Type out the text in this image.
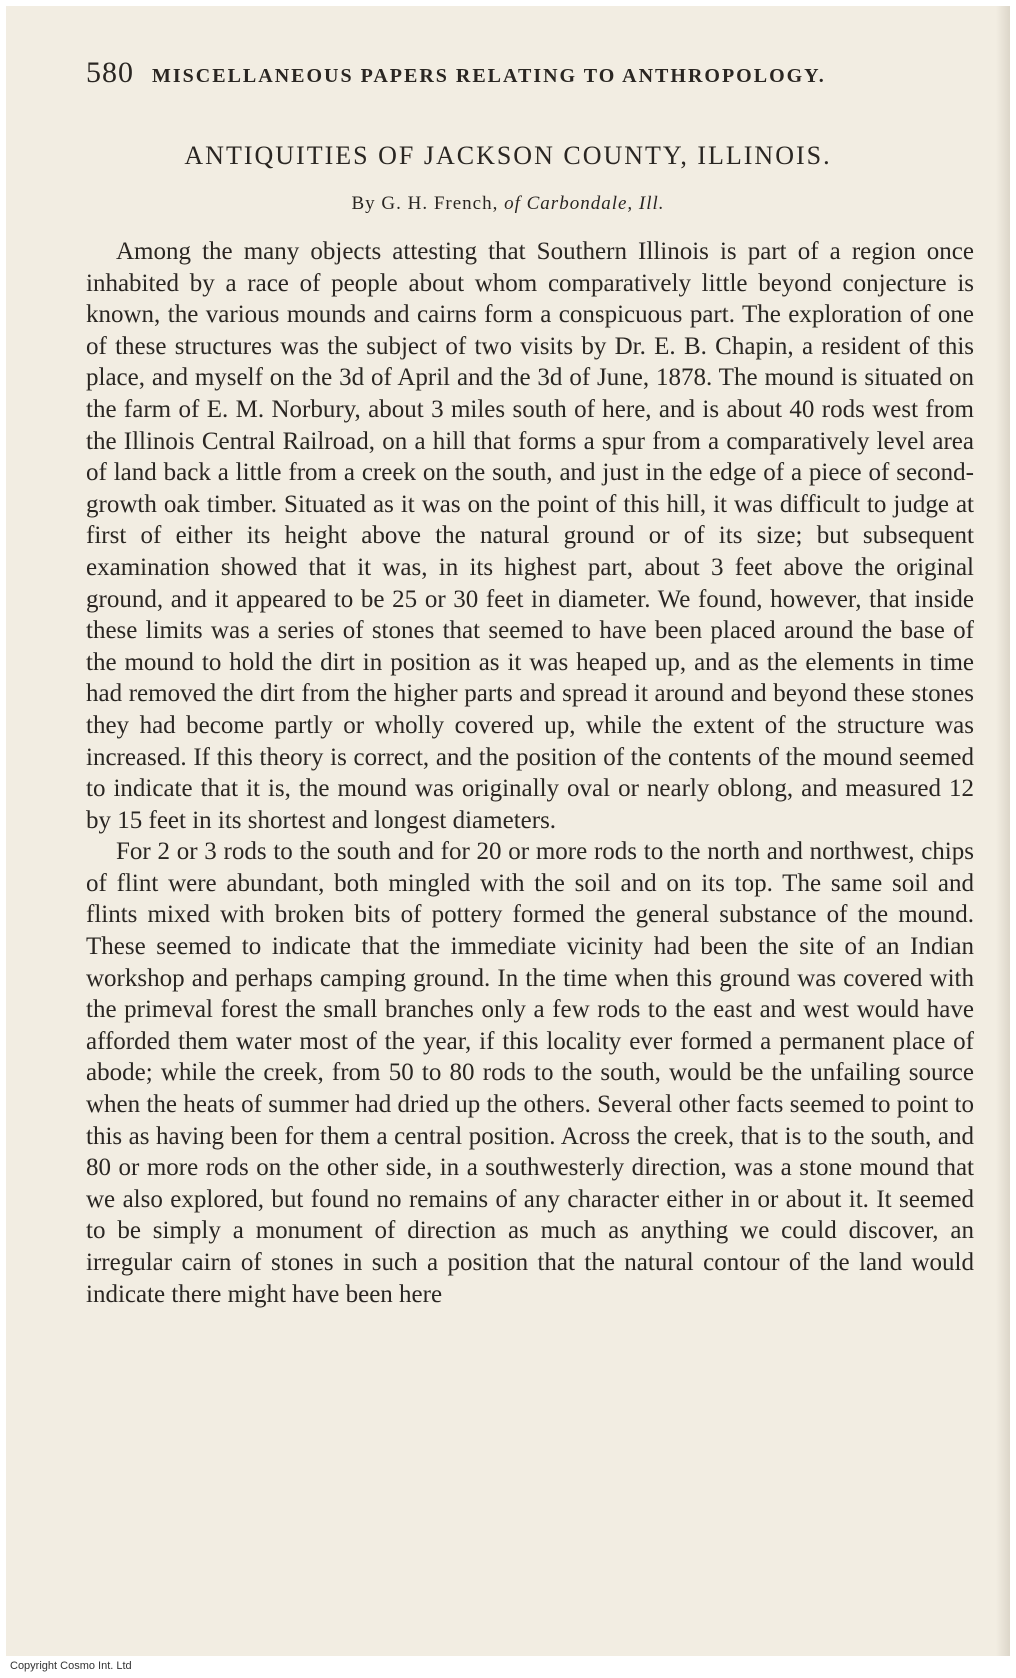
580 MISCELLANEOUS PAPERS RELATING TO ANTHROPOLOGY.
ANTIQUITIES OF JACKSON COUNTY, ILLINOIS.
By G. H. French, of Carbondale, Ill.

Among the many objects attesting that Southern Illinois is part of a region once inhabited by a race of people about whom comparatively little beyond conjecture is known, the various mounds and cairns form a conspicuous part. The exploration of one of these structures was the subject of two visits by Dr. E. B. Chapin, a resident of this place, and myself on the 3d of April and the 3d of June, 1878. The mound is situated on the farm of E. M. Norbury, about 3 miles south of here, and is about 40 rods west from the Illinois Central Railroad, on a hill that forms a spur from a comparatively level area of land back a little from a creek on the south, and just in the edge of a piece of second-growth oak timber. Situated as it was on the point of this hill, it was difficult to judge at first of either its height above the natural ground or of its size; but subsequent examination showed that it was, in its highest part, about 3 feet above the original ground, and it appeared to be 25 or 30 feet in diameter. We found, however, that inside these limits was a series of stones that seemed to have been placed around the base of the mound to hold the dirt in position as it was heaped up, and as the elements in time had removed the dirt from the higher parts and spread it around and beyond these stones they had become partly or wholly covered up, while the extent of the structure was increased. If this theory is correct, and the position of the contents of the mound seemed to indicate that it is, the mound was originally oval or nearly oblong, and measured 12 by 15 feet in its shortest and longest diameters.

For 2 or 3 rods to the south and for 20 or more rods to the north and northwest, chips of flint were abundant, both mingled with the soil and on its top. The same soil and flints mixed with broken bits of pottery formed the general substance of the mound. These seemed to indicate that the immediate vicinity had been the site of an Indian workshop and perhaps camping ground. In the time when this ground was covered with the primeval forest the small branches only a few rods to the east and west would have afforded them water most of the year, if this locality ever formed a permanent place of abode; while the creek, from 50 to 80 rods to the south, would be the unfailing source when the heats of summer had dried up the others. Several other facts seemed to point to this as having been for them a central position. Across the creek, that is to the south, and 80 or more rods on the other side, in a southwesterly direction, was a stone mound that we also explored, but found no remains of any character either in or about it. It seemed to be simply a monument of direction as much as anything we could discover, an irregular cairn of stones in such a position that the natural contour of the land would indicate there might have been here

Copyright Cosmo Int. Ltd
